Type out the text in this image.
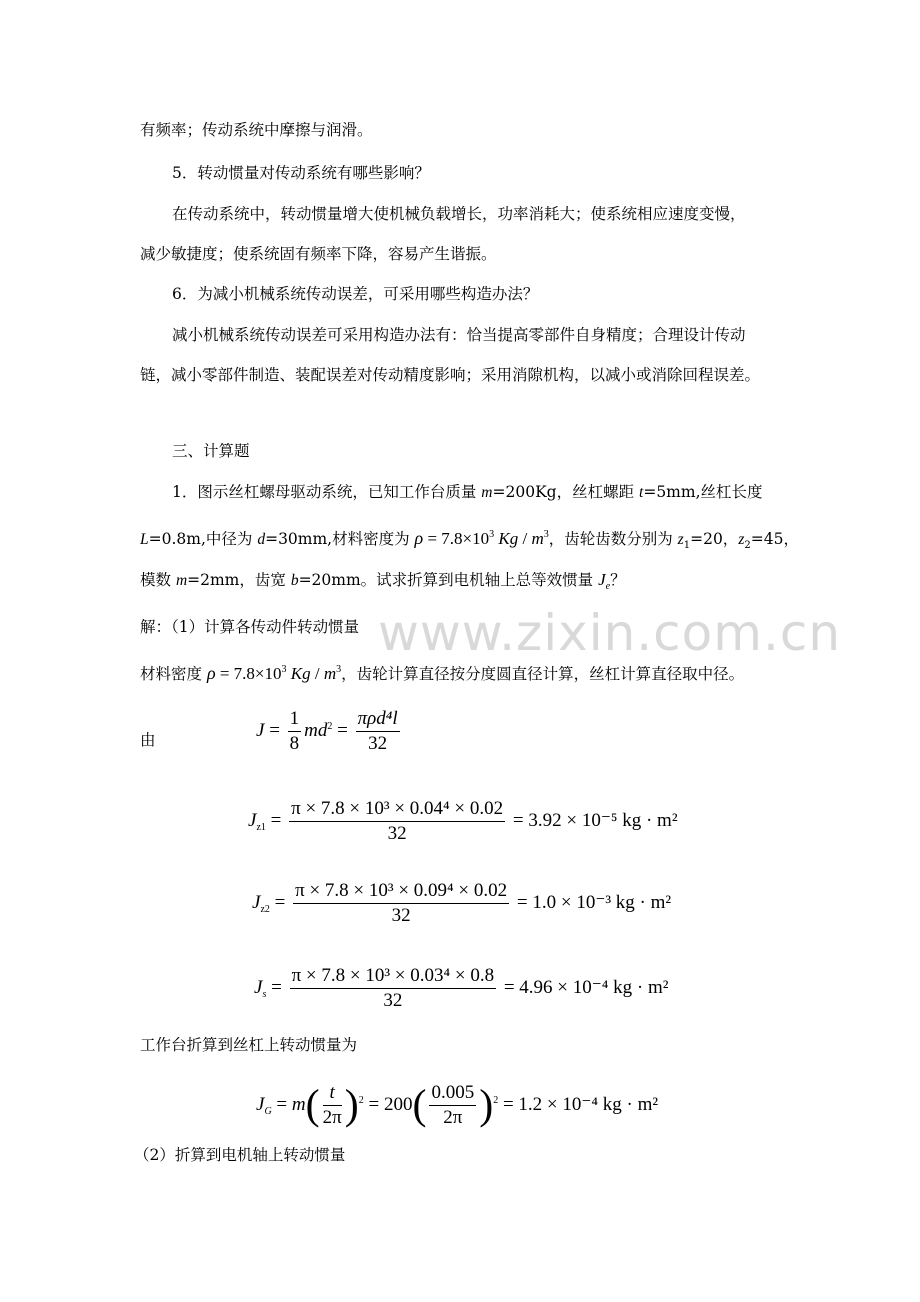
www.zixin.com.cn
有频率；传动系统中摩擦与润滑。
5．转动惯量对传动系统有哪些影响？
在传动系统中，转动惯量增大使机械负载增长，功率消耗大；使系统相应速度变慢，
减少敏捷度；使系统固有频率下降，容易产生谐振。
6．为减小机械系统传动误差，可采用哪些构造办法？
减小机械系统传动误差可采用构造办法有：恰当提高零部件自身精度；合理设计传动
链，减小零部件制造、装配误差对传动精度影响；采用消隙机构，以减小或消除回程误差。
三、计算题
1．图示丝杠螺母驱动系统，已知工作台质量 m=200Kg，丝杠螺距 t=5mm,丝杠长度
L=0.8m,中径为 d=30mm,材料密度为 $\rho = 7.8\times 10^3$ Kg / $m^3$，齿轮齿数分别为 $z_1=20$，$z_2=45$，
模数 m=2mm，齿宽 b=20mm。试求折算到电机轴上总等效惯量 $J_e$？
解：（1）计算各传动件转动惯量
材料密度 $\rho = 7.8\times 10^3$ Kg / $m^3$，齿轮计算直径按分度圆直径计算，丝杠计算直径取中径。
由	$J = \frac{1}{8} md^2 = \frac{\text{πρd⁴l}}{32}$
$J_{z1} = \frac{\text{π × 7.8 × 10³ × 0.04⁴ × 0.02}}{32} = 3.92 \times 10^{-5}$ kg · m²
$J_{z2} = \frac{\text{π × 7.8 × 10³ × 0.09⁴ × 0.02}}{32} = 1.0 \times 10^{-3}$ kg · m²
$J_s = \frac{\text{π × 7.8 × 10³ × 0.03⁴ × 0.8}}{32} = 4.96 \times 10^{-4}$ kg · m²
工作台折算到丝杠上转动惯量为
$J_G = m( \frac{t}{2\pi} )^2 = 200( \frac{0.005}{2\pi} )^2 = 1.2 \times 10^{-4}$ kg · m²
（2）折算到电机轴上转动惯量
